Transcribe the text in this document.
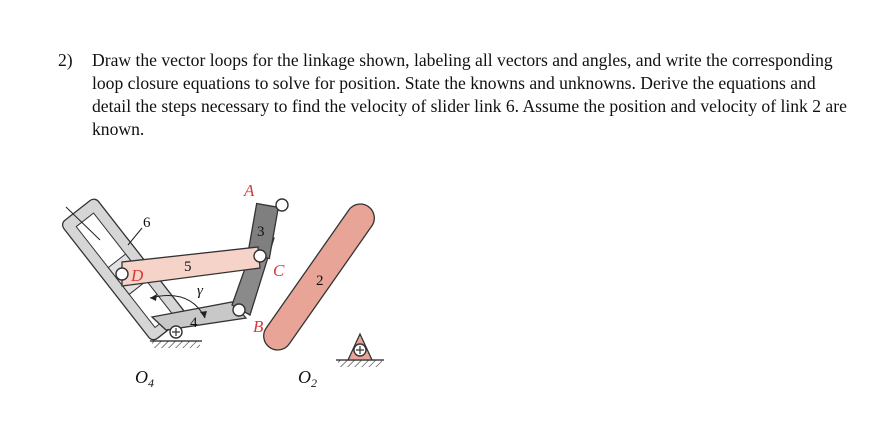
2) Draw the vector loops for the linkage shown, labeling all vectors and angles, and write the corresponding loop closure equations to solve for position. State the knowns and unknowns. Derive the equations and detail the steps necessary to find the velocity of slider link 6. Assume the position and velocity of link 2 are known.
A
C
D
B
2
3
4
5
6
γ
$O_4$	$O_2$
